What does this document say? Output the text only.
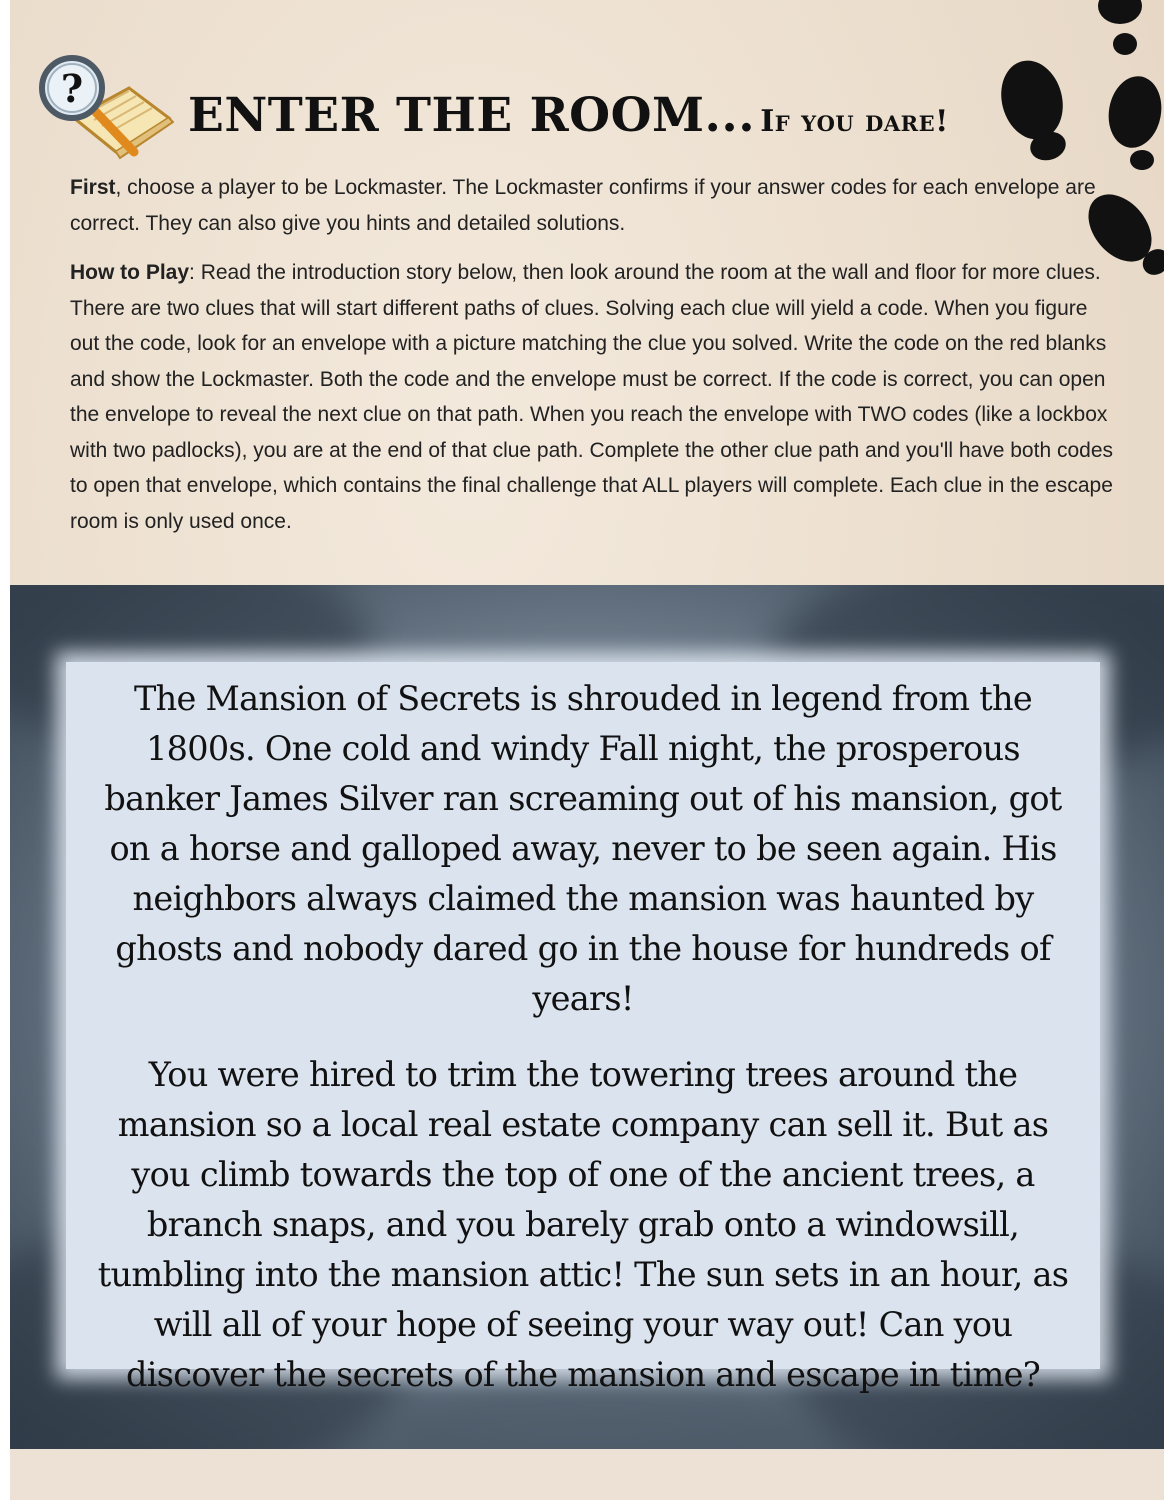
? ENTER THE ROOM... If you dare!

First, choose a player to be Lockmaster. The Lockmaster confirms if your answer codes for each envelope are correct. They can also give you hints and detailed solutions.

How to Play: Read the introduction story below, then look around the room at the wall and floor for more clues. There are two clues that will start different paths of clues. Solving each clue will yield a code. When you figure out the code, look for an envelope with a picture matching the clue you solved. Write the code on the red blanks and show the Lockmaster. Both the code and the envelope must be correct. If the code is correct, you can open the envelope to reveal the next clue on that path. When you reach the envelope with TWO codes (like a lockbox with two padlocks), you are at the end of that clue path. Complete the other clue path and you'll have both codes to open that envelope, which contains the final challenge that ALL players will complete. Each clue in the escape room is only used once.

The Mansion of Secrets is shrouded in legend from the 1800s. One cold and windy Fall night, the prosperous banker James Silver ran screaming out of his mansion, got on a horse and galloped away, never to be seen again. His neighbors always claimed the mansion was haunted by ghosts and nobody dared go in the house for hundreds of years!

You were hired to trim the towering trees around the mansion so a local real estate company can sell it. But as you climb towards the top of one of the ancient trees, a branch snaps, and you barely grab onto a windowsill, tumbling into the mansion attic! The sun sets in an hour, as will all of your hope of seeing your way out! Can you discover the secrets of the mansion and escape in time?
